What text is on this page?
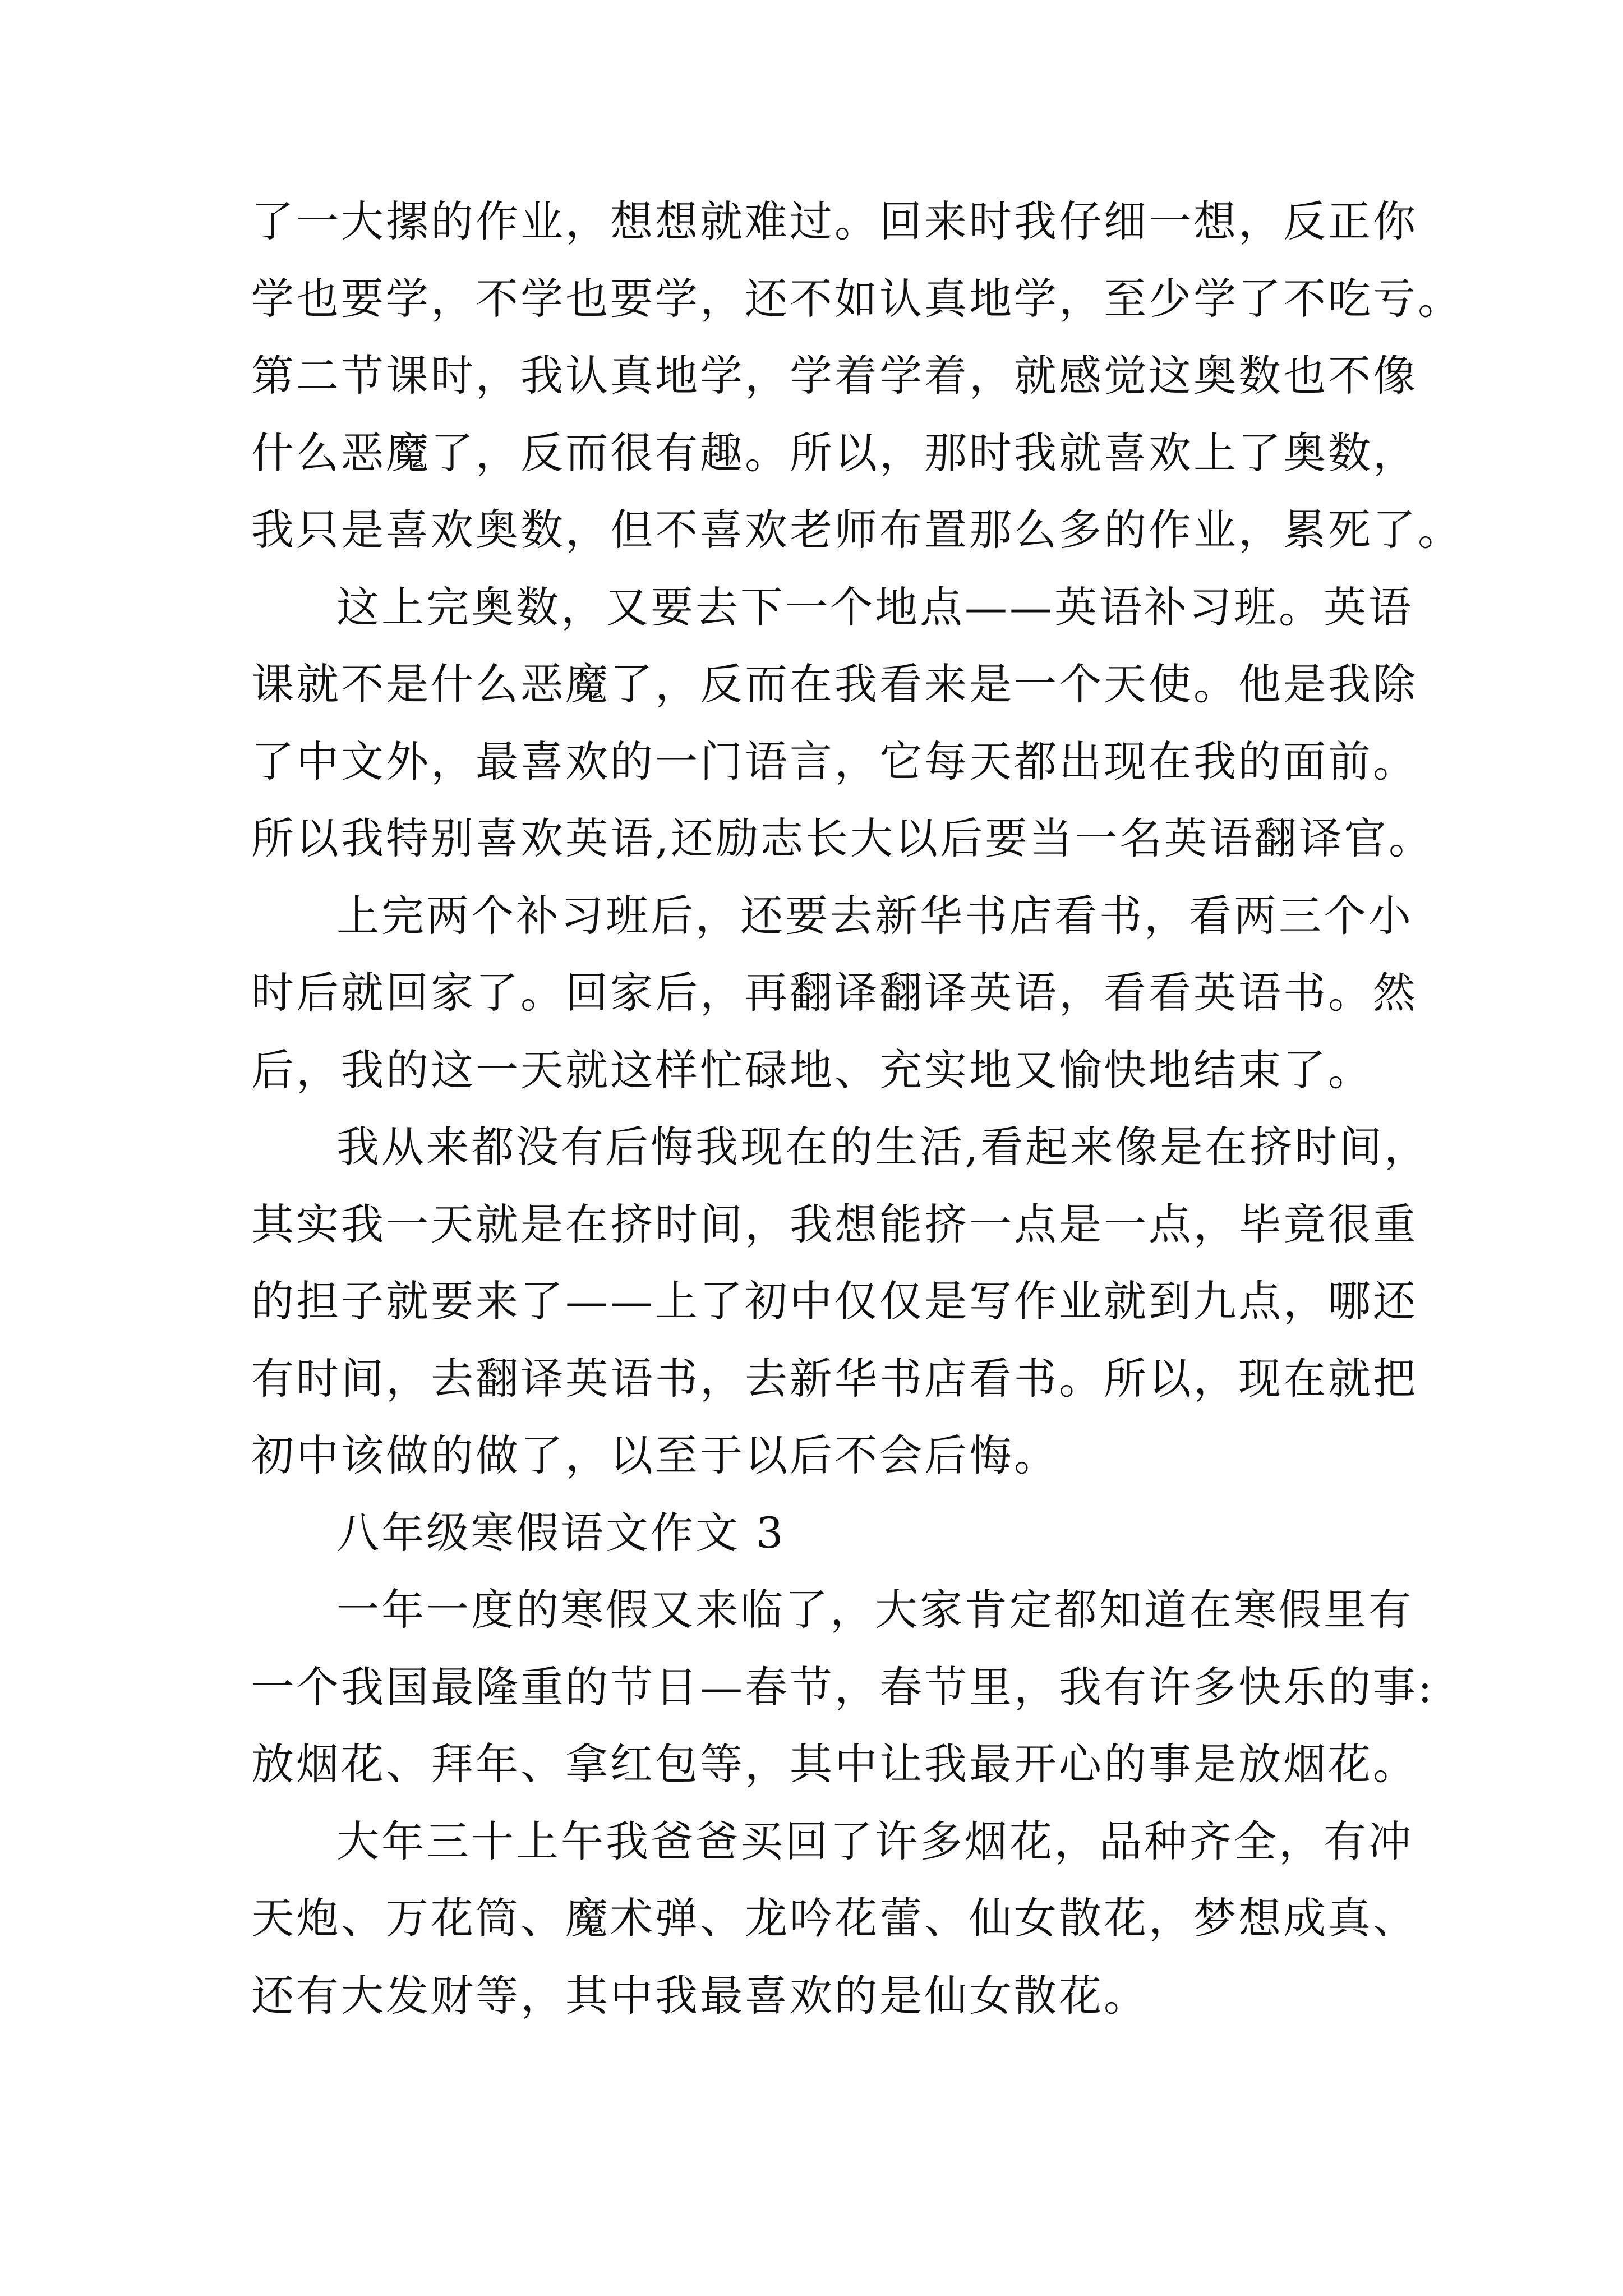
了一大摞的作业，想想就难过。回来时我仔细一想，反正你
学也要学，不学也要学，还不如认真地学，至少学了不吃亏。
第二节课时，我认真地学，学着学着，就感觉这奥数也不像
什么恶魔了，反而很有趣。所以，那时我就喜欢上了奥数，
我只是喜欢奥数，但不喜欢老师布置那么多的作业，累死了。
这上完奥数，又要去下一个地点——英语补习班。英语
课就不是什么恶魔了，反而在我看来是一个天使。他是我除
了中文外，最喜欢的一门语言，它每天都出现在我的面前。
所以我特别喜欢英语,还励志长大以后要当一名英语翻译官。
上完两个补习班后，还要去新华书店看书，看两三个小
时后就回家了。回家后，再翻译翻译英语，看看英语书。然
后，我的这一天就这样忙碌地、充实地又愉快地结束了。
我从来都没有后悔我现在的生活,看起来像是在挤时间，
其实我一天就是在挤时间，我想能挤一点是一点，毕竟很重
的担子就要来了——上了初中仅仅是写作业就到九点，哪还
有时间，去翻译英语书，去新华书店看书。所以，现在就把
初中该做的做了，以至于以后不会后悔。
八年级寒假语文作文 3
一年一度的寒假又来临了，大家肯定都知道在寒假里有
一个我国最隆重的节日—春节，春节里，我有许多快乐的事:
放烟花、拜年、拿红包等，其中让我最开心的事是放烟花。
大年三十上午我爸爸买回了许多烟花，品种齐全，有冲
天炮、万花筒、魔术弹、龙吟花蕾、仙女散花，梦想成真、
还有大发财等，其中我最喜欢的是仙女散花。
